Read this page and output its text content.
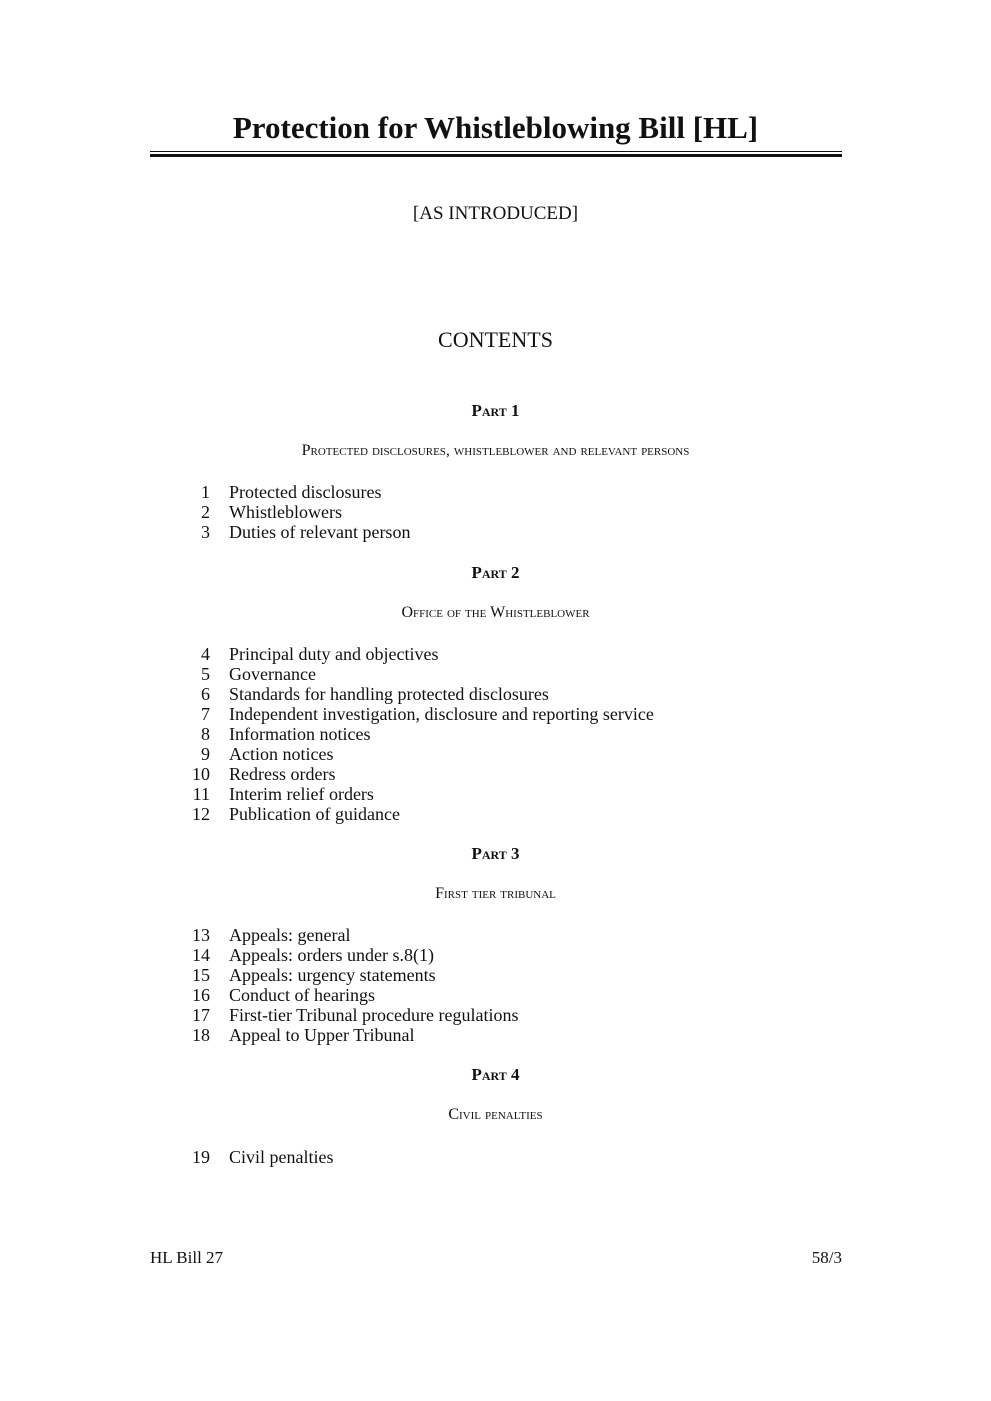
Protection for Whistleblowing Bill [HL]
[AS INTRODUCED]
CONTENTS
Part 1
Protected disclosures, whistleblower and relevant persons
1	Protected disclosures
2	Whistleblowers
3	Duties of relevant person
Part 2
Office of the Whistleblower
4	Principal duty and objectives
5	Governance
6	Standards for handling protected disclosures
7	Independent investigation, disclosure and reporting service
8	Information notices
9	Action notices
10	Redress orders
11	Interim relief orders
12	Publication of guidance
Part 3
First tier tribunal
13	Appeals: general
14	Appeals: orders under s.8(1)
15	Appeals: urgency statements
16	Conduct of hearings
17	First-tier Tribunal procedure regulations
18	Appeal to Upper Tribunal
Part 4
Civil penalties
19	Civil penalties
HL Bill 27	58/3
